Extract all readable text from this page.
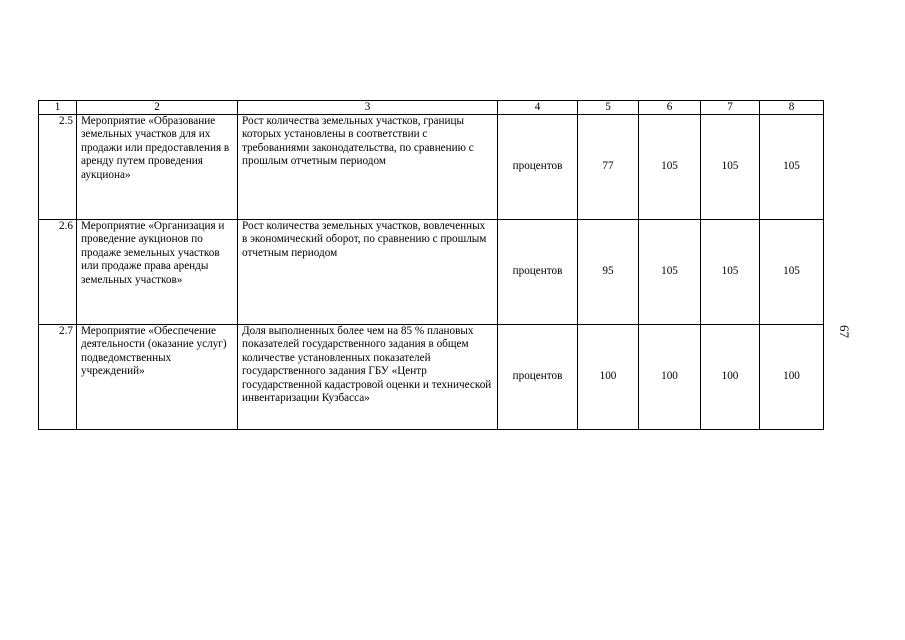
1	2	3	4	5	6	7	8
2.5	Мероприятие «Образование земельных участков для их продажи или предоставления в аренду путем проведения аукциона»	Рост количества земельных участков, границы которых установлены в соответствии с требованиями законодательства, по сравнению с прошлым отчетным периодом	процентов	77	105	105	105
2.6	Мероприятие «Организация и проведение аукционов по продаже земельных участков или продаже права аренды земельных участков»	Рост количества земельных участков, вовлеченных в экономический оборот, по сравнению с прошлым отчетным периодом	процентов	95	105	105	105
2.7	Мероприятие «Обеспечение деятельности (оказание услуг) подведомственных учреждений»	Доля выполненных более чем на 85 % плановых показателей государственного задания в общем количестве установленных показателей государственного задания ГБУ «Центр государственной кадастровой оценки и технической инвентаризации Кузбасса»	процентов	100	100	100	100
67
